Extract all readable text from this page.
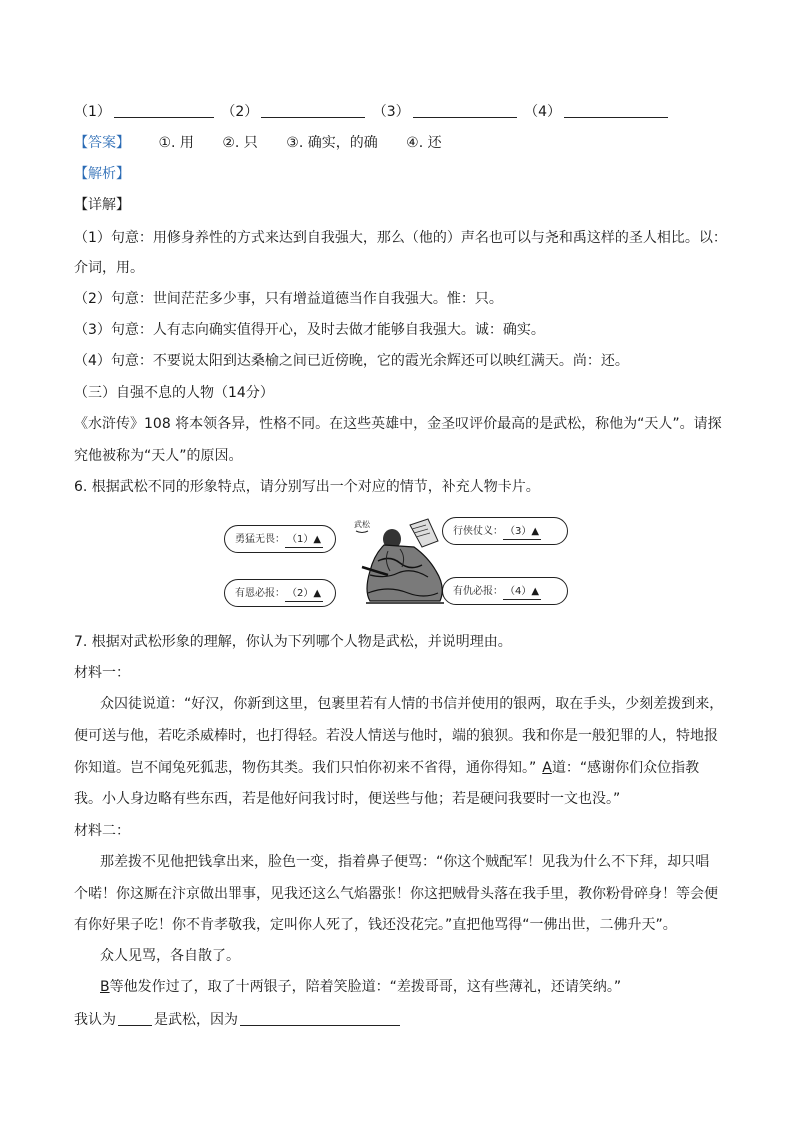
（1）	（2）	（3）	（4）
【答案】 ①. 用 ②. 只 ③. 确实，的确 ④. 还
【解析】
【详解】
（1）句意：用修身养性的方式来达到自我强大，那么（他的）声名也可以与尧和禹这样的圣人相比。以：
介词，用。
（2）句意：世间茫茫多少事，只有增益道德当作自我强大。惟：只。
（3）句意：人有志向确实值得开心，及时去做才能够自我强大。诚：确实。
（4）句意：不要说太阳到达桑榆之间已近傍晚，它的霞光余辉还可以映红满天。尚：还。
（三）自强不息的人物（14分）
《水浒传》108 将本领各异，性格不同。在这些英雄中，金圣叹评价最高的是武松，称他为“天人”。请探
究他被称为“天人”的原因。
6. 根据武松不同的形象特点，请分别写出一个对应的情节，补充人物卡片。
勇猛无畏： （1）▲
有恩必报： （2）▲
行侠仗义： （3）▲
有仇必报： （4）▲
武松
7. 根据对武松形象的理解，你认为下列哪个人物是武松，并说明理由。
材料一：
众囚徒说道：“好汉，你新到这里，包裹里若有人情的书信并使用的银两，取在手头，少刻差拨到来，
便可送与他，若吃杀威棒时，也打得轻。若没人情送与他时，端的狼狈。我和你是一般犯罪的人，特地报
你知道。岂不闻兔死狐悲，物伤其类。我们只怕你初来不省得，通你得知。” A道：“感谢你们众位指教
我。小人身边略有些东西，若是他好问我讨时，便送些与他；若是硬问我要时一文也没。”
材料二：
那差拨不见他把钱拿出来，脸色一变，指着鼻子便骂：“你这个贼配军！见我为什么不下拜，却只唱
个喏！你这厮在汴京做出罪事，见我还这么气焰嚣张！你这把贼骨头落在我手里，教你粉骨碎身！等会便
有你好果子吃！你不肯孝敬我，定叫你人死了，钱还没花完。”直把他骂得“一佛出世，二佛升天”。
众人见骂，各自散了。
B等他发作过了，取了十两银子，陪着笑脸道：“差拨哥哥，这有些薄礼，还请笑纳。”
我认为	是武松，因为
